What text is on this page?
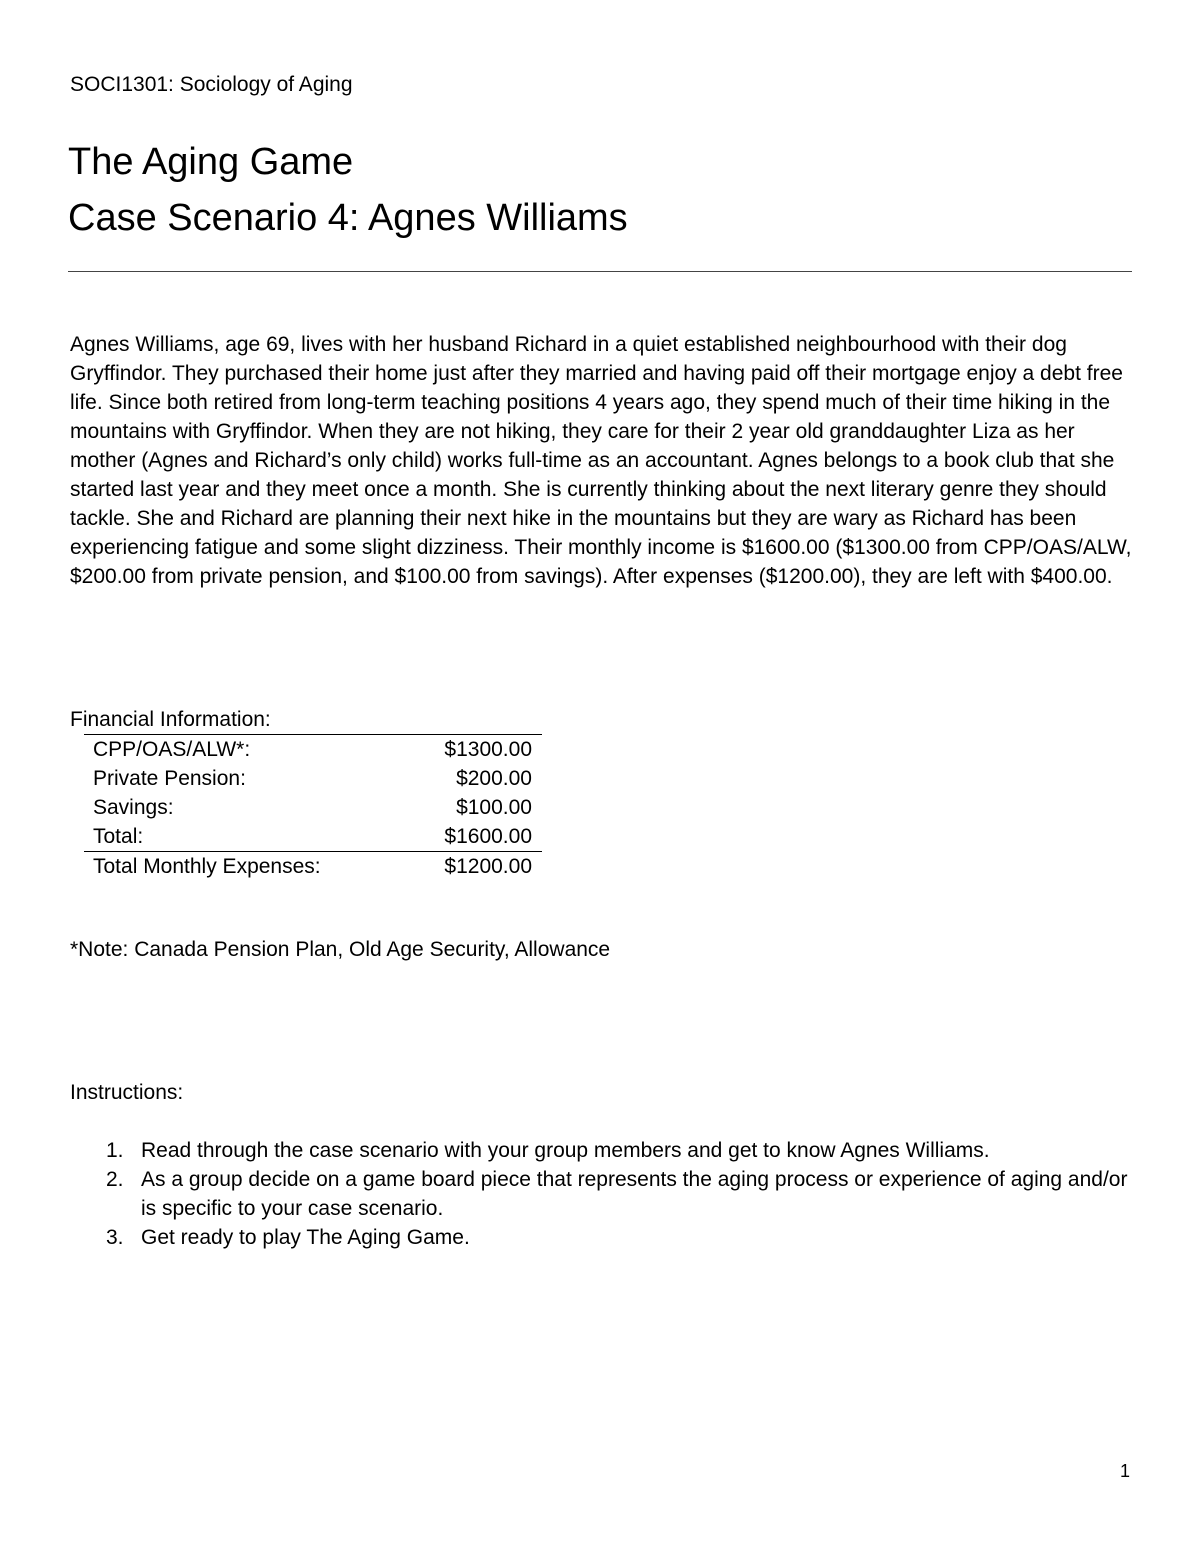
SOCI1301: Sociology of Aging
The Aging Game
Case Scenario 4: Agnes Williams

Agnes Williams, age 69, lives with her husband Richard in a quiet established neighbourhood with their dog Gryffindor. They purchased their home just after they married and having paid off their mortgage enjoy a debt free life. Since both retired from long-term teaching positions 4 years ago, they spend much of their time hiking in the mountains with Gryffindor. When they are not hiking, they care for their 2 year old granddaughter Liza as her mother (Agnes and Richard’s only child) works full-time as an accountant. Agnes belongs to a book club that she started last year and they meet once a month. She is currently thinking about the next literary genre they should tackle. She and Richard are planning their next hike in the mountains but they are wary as Richard has been experiencing fatigue and some slight dizziness. Their monthly income is $1600.00 ($1300.00 from CPP/OAS/ALW, $200.00 from private pension, and $100.00 from savings). After expenses ($1200.00), they are left with $400.00.

Financial Information:
CPP/OAS/ALW*:	$1300.00
Private Pension:	$200.00
Savings:	$100.00
Total:	$1600.00
Total Monthly Expenses:	$1200.00
*Note: Canada Pension Plan, Old Age Security, Allowance
Instructions:
1. Read through the case scenario with your group members and get to know Agnes Williams.
2. As a group decide on a game board piece that represents the aging process or experience of aging and/or is specific to your case scenario.
3. Get ready to play The Aging Game.
1
